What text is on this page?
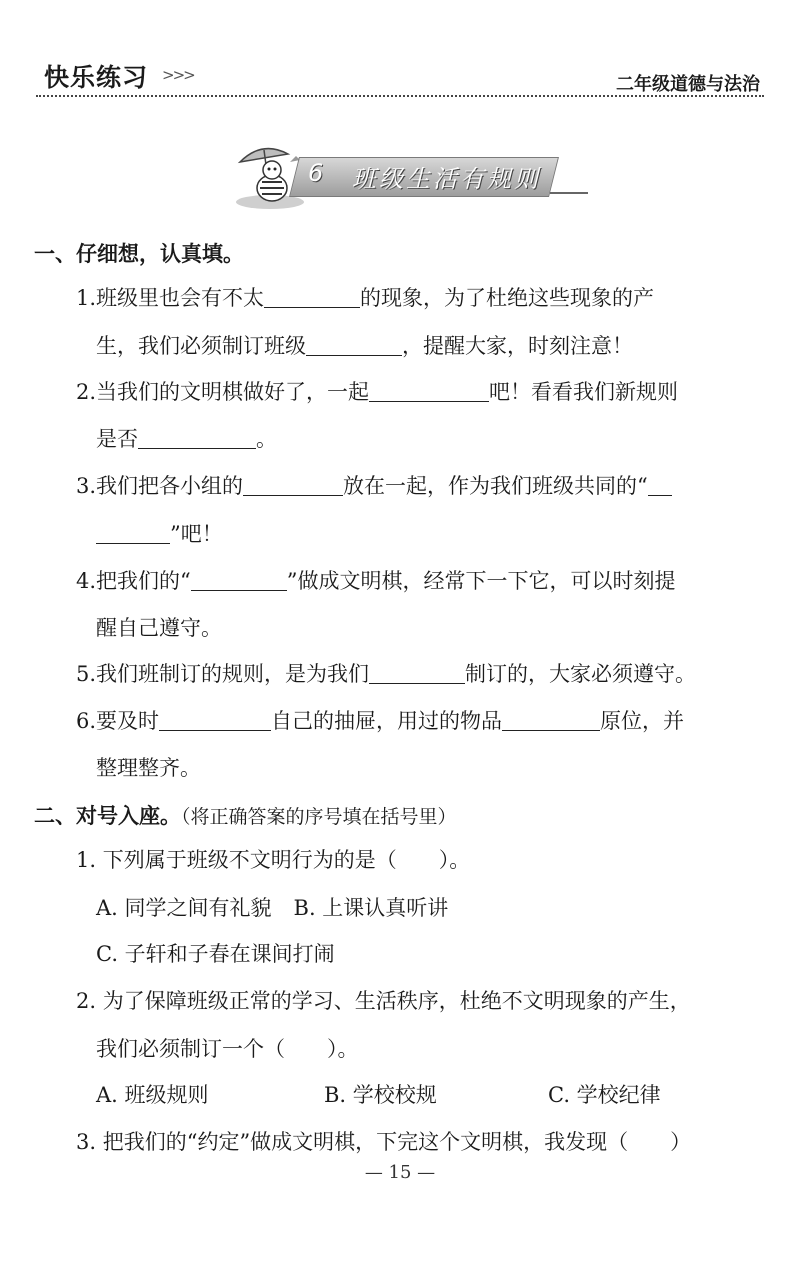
快乐练习 >>>	二年级道德与法治
6 班级生活有规则
一、仔细想，认真填。
1.班级里也会有不太	的现象，为了杜绝这些现象的产
生，我们必须制订班级	，提醒大家，时刻注意！
2.当我们的文明棋做好了，一起	吧！看看我们新规则
是否	。
3.我们把各小组的	放在一起，作为我们班级共同的“
”吧！
4.把我们的“	”做成文明棋，经常下一下它，可以时刻提
醒自己遵守。
5.我们班制订的规则，是为我们	制订的，大家必须遵守。
6.要及时	自己的抽屉，用过的物品	原位，并
整理整齐。
二、对号入座。（将正确答案的序号填在括号里）
1. 下列属于班级不文明行为的是（　　）。
A. 同学之间有礼貌 B. 上课认真听讲
C. 子轩和子春在课间打闹
2. 为了保障班级正常的学习、生活秩序，杜绝不文明现象的产生，
我们必须制订一个（　　）。
A. 班级规则	B. 学校校规	C. 学校纪律
3. 把我们的“约定”做成文明棋，下完这个文明棋，我发现（　　）
— 15 —
